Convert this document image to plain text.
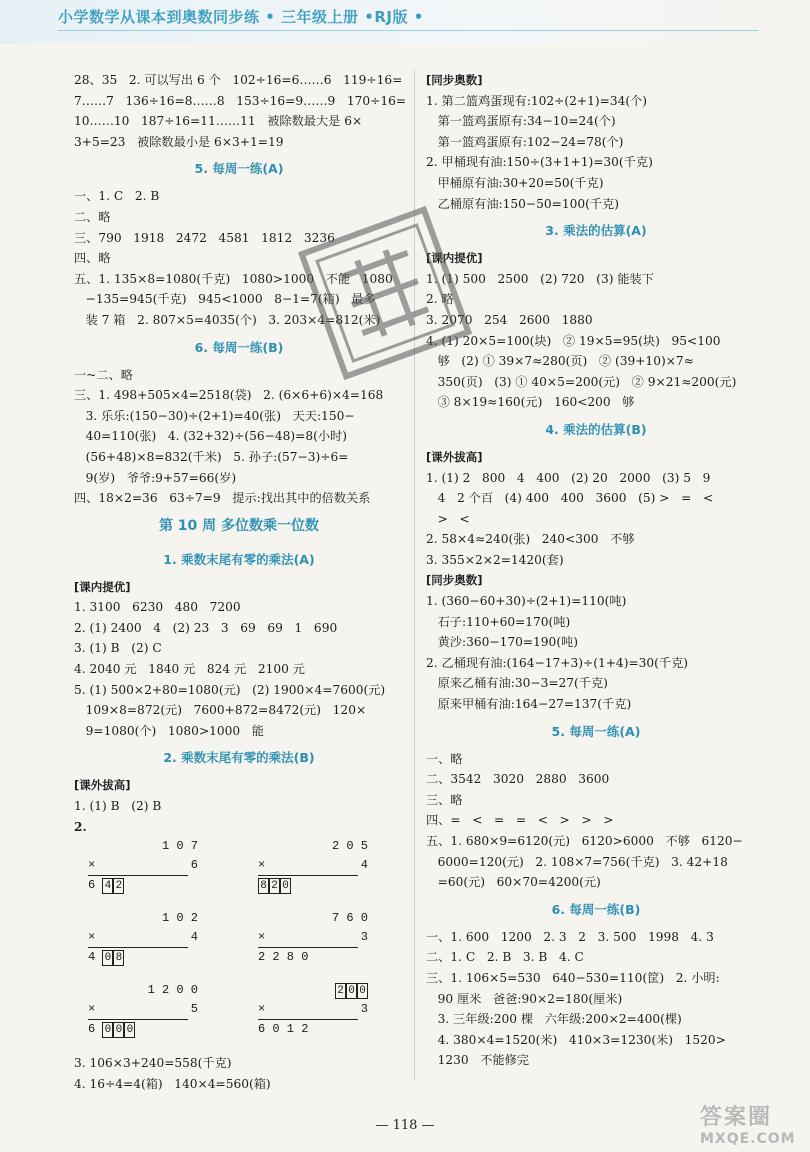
小学数学从课本到奥数同步练 • 三年级上册 •RJ版 •
28、35   2. 可以写出 6 个   102÷16=6……6   119÷16=
7……7   136÷16=8……8   153÷16=9……9   170÷16=
10……10   187÷16=11……11   被除数最大是 6×
3+5=23   被除数最小是 6×3+1=19
5. 每周一练(A)
一、1. C   2. B
二、略
三、790   1918   2472   4581   1812   3236
四、略
五、1. 135×8=1080(千克)   1080>1000   不能   1080
−135=945(千克)   945<1000   8−1=7(箱)   最多
装 7 箱   2. 807×5=4035(个)   3. 203×4=812(米)
6. 每周一练(B)
一~二、略
三、1. 498+505×4=2518(袋)   2. (6×6+6)×4=168
3. 乐乐:(150−30)÷(2+1)=40(张)   天天:150−
40=110(张)   4. (32+32)÷(56−48)=8(小时)
(56+48)×8=832(千米)   5. 孙子:(57−3)÷6=
9(岁)   爷爷:9+57=66(岁)
四、18×2=36   63÷7=9   提示:找出其中的倍数关系
第 10 周 多位数乘一位数
1. 乘数末尾有零的乘法(A)
[课内提优]
1. 3100   6230   480   7200
2. (1) 2400   4   (2) 23   3   69   69   1   690
3. (1) B   (2) C
4. 2040 元   1840 元   824 元   2100 元
5. (1) 500×2+80=1080(元)   (2) 1900×4=7600(元)
109×8=872(元)   7600+872=8472(元)   120×
9=1080(个)   1080>1000   能
2. 乘数末尾有零的乘法(B)
[课外拔高]
1. (1) B   (2) B
2.
1 0 7
×	6
6 4 2
2 0 5
×	4
8 2 0
1 0 2
×	4
4 0 8
7 6 0
×	3
2 2 8 0
1 2 0 0
×	5
6 0 0 0
2 0 0
×	3
6 0 1 2
3. 106×3+240=558(千克)
4. 16÷4=4(箱)   140×4=560(箱)
[同步奥数]
1. 第二篮鸡蛋现有:102÷(2+1)=34(个)
第一篮鸡蛋原有:34−10=24(个)
第一篮鸡蛋原有:102−24=78(个)
2. 甲桶现有油:150÷(3+1+1)=30(千克)
甲桶原有油:30+20=50(千克)
乙桶原有油:150−50=100(千克)
3. 乘法的估算(A)
[课内提优]
1. (1) 500   2500   (2) 720   (3) 能装下
2. 略
3. 2070   254   2600   1880
4. (1) 20×5=100(块)   ② 19×5=95(块)   95<100
够   (2) ① 39×7≈280(页)   ② (39+10)×7≈
350(页)   (3) ① 40×5=200(元)   ② 9×21≈200(元)
③ 8×19≈160(元)   160<200   够
4. 乘法的估算(B)
[课外拔高]
1. (1) 2   800   4   400   (2) 20   2000   (3) 5   9
4   2 个百   (4) 400   400   3600   (5) >   =   <
>   <
2. 58×4≈240(张)   240<300   不够
3. 355×2×2=1420(套)
[同步奥数]
1. (360−60+30)÷(2+1)=110(吨)
石子:110+60=170(吨)
黄沙:360−170=190(吨)
2. 乙桶现有油:(164−17+3)÷(1+4)=30(千克)
原来乙桶有油:30−3=27(千克)
原来甲桶有油:164−27=137(千克)
5. 每周一练(A)
一、略
二、3542   3020   2880   3600
三、略
四、=   <   =   =   <   >   >   >
五、1. 680×9=6120(元)   6120>6000   不够   6120−
6000=120(元)   2. 108×7=756(千克)   3. 42+18
=60(元)   60×70=4200(元)
6. 每周一练(B)
一、1. 600   1200   2. 3   2   3. 500   1998   4. 3
二、1. C   2. B   3. B   4. C
三、1. 106×5=530   640−530=110(筐)   2. 小明:
90 厘米   爸爸:90×2=180(厘米)
3. 三年级:200 棵   六年级:200×2=400(棵)
4. 380×4=1520(米)   410×3=1230(米)   1520>
1230   不能修完
— 118 —	答案圈
MXQE.COM
